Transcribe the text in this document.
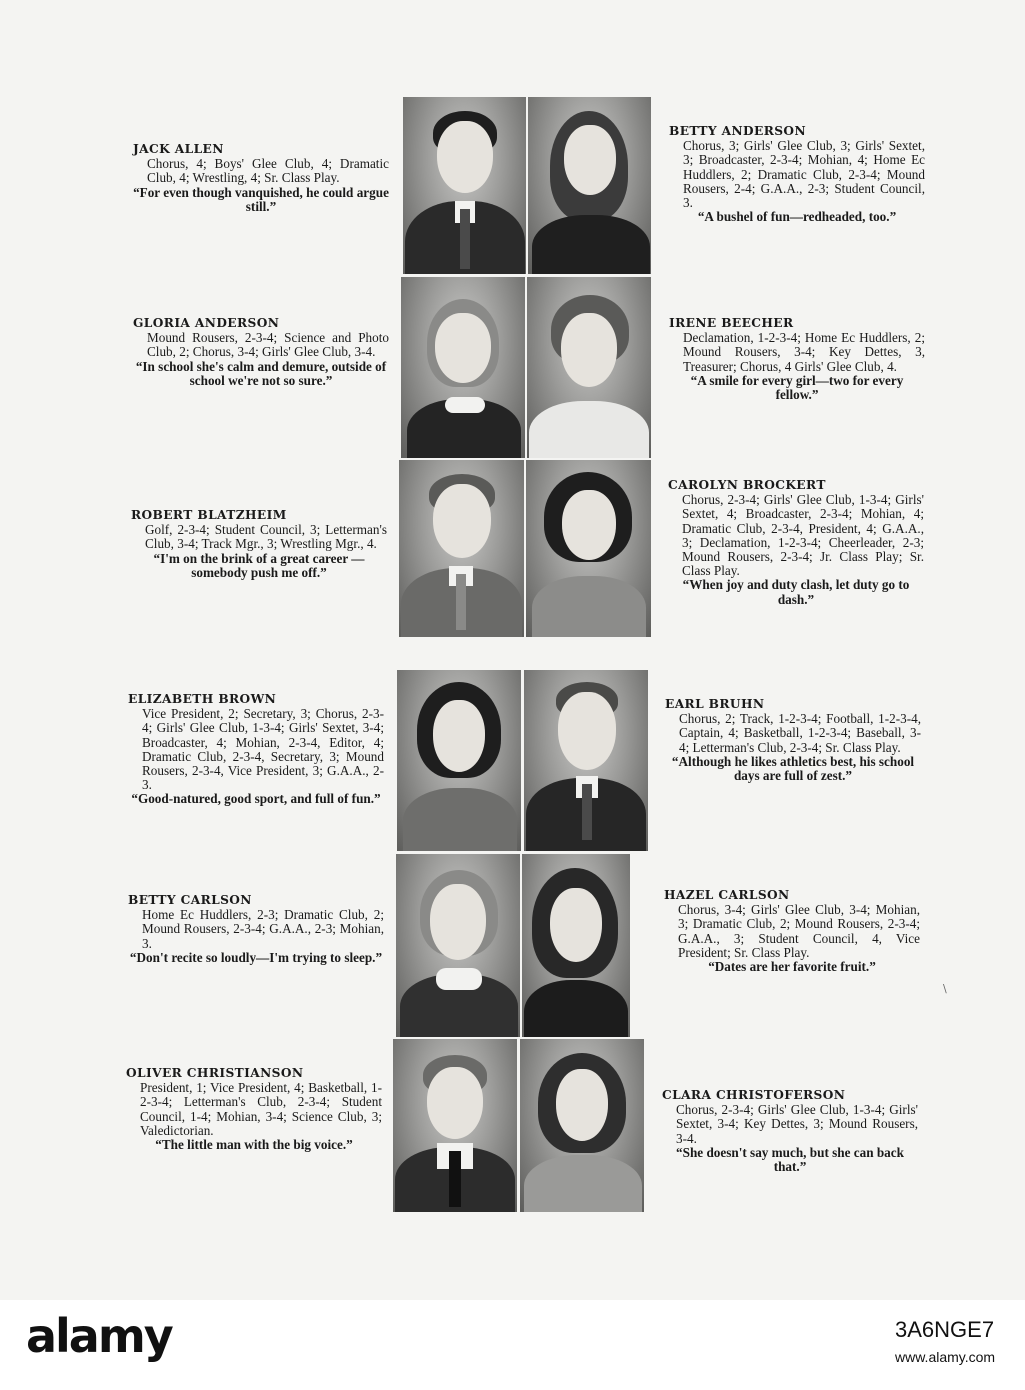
JACK ALLEN
Chorus, 4; Boys' Glee Club, 4; Dramatic Club, 4; Wrestling, 4; Sr. Class Play.
“For even though vanquished, he could argue still.”
BETTY ANDERSON
Chorus, 3; Girls' Glee Club, 3; Girls' Sextet, 3; Broadcaster, 2-3-4; Mohian, 4; Home Ec Huddlers, 2; Dramatic Club, 2-3-4; Mound Rousers, 2-4; G.A.A., 2-3; Student Council, 3.
“A bushel of fun—redheaded, too.”
GLORIA ANDERSON
Mound Rousers, 2-3-4; Science and Photo Club, 2; Chorus, 3-4; Girls' Glee Club, 3-4.
“In school she's calm and demure, outside of school we're not so sure.”
IRENE BEECHER
Declamation, 1-2-3-4; Home Ec Huddlers, 2; Mound Rousers, 3-4; Key Dettes, 3, Treasurer; Chorus, 4 Girls' Glee Club, 4.
“A smile for every girl—two for every fellow.”
ROBERT BLATZHEIM
Golf, 2-3-4; Student Council, 3; Letterman's Club, 3-4; Track Mgr., 3; Wrestling Mgr., 4.
“I'm on the brink of a great career —somebody push me off.”
CAROLYN BROCKERT
Chorus, 2-3-4; Girls' Glee Club, 1-3-4; Girls' Sextet, 4; Broadcaster, 2-3-4; Mohian, 4; Dramatic Club, 2-3-4, President, 4; G.A.A., 3; Declamation, 1-2-3-4; Cheerleader, 2-3; Mound Rousers, 2-3-4; Jr. Class Play; Sr. Class Play.
“When joy and duty clash, let duty go to dash.”
ELIZABETH BROWN
Vice President, 2; Secretary, 3; Chorus, 2-3-4; Girls' Glee Club, 1-3-4; Girls' Sextet, 3-4; Broadcaster, 4; Mohian, 2-3-4, Editor, 4; Dramatic Club, 2-3-4, Secretary, 3; Mound Rousers, 2-3-4, Vice President, 3; G.A.A., 2-3.
“Good-natured, good sport, and full of fun.”
EARL BRUHN
Chorus, 2; Track, 1-2-3-4; Football, 1-2-3-4, Captain, 4; Basketball, 1-2-3-4; Baseball, 3-4; Letterman's Club, 2-3-4; Sr. Class Play.
“Although he likes athletics best, his school days are full of zest.”
BETTY CARLSON
Home Ec Huddlers, 2-3; Dramatic Club, 2; Mound Rousers, 2-3-4; G.A.A., 2-3; Mohian, 3.
“Don't recite so loudly—I'm trying to sleep.”
HAZEL CARLSON
Chorus, 3-4; Girls' Glee Club, 3-4; Mohian, 3; Dramatic Club, 2; Mound Rousers, 2-3-4; G.A.A., 3; Student Council, 4, Vice President; Sr. Class Play.
“Dates are her favorite fruit.”
OLIVER CHRISTIANSON
President, 1; Vice President, 4; Basketball, 1-2-3-4; Letterman's Club, 2-3-4; Student Council, 1-4; Mohian, 3-4; Science Club, 3; Valedictorian.
“The little man with the big voice.”
CLARA CHRISTOFERSON
Chorus, 2-3-4; Girls' Glee Club, 1-3-4; Girls' Sextet, 3-4; Key Dettes, 3; Mound Rousers, 3-4.
“She doesn't say much, but she can back that.”
\
alamy	3A6NGE7
www.alamy.com
